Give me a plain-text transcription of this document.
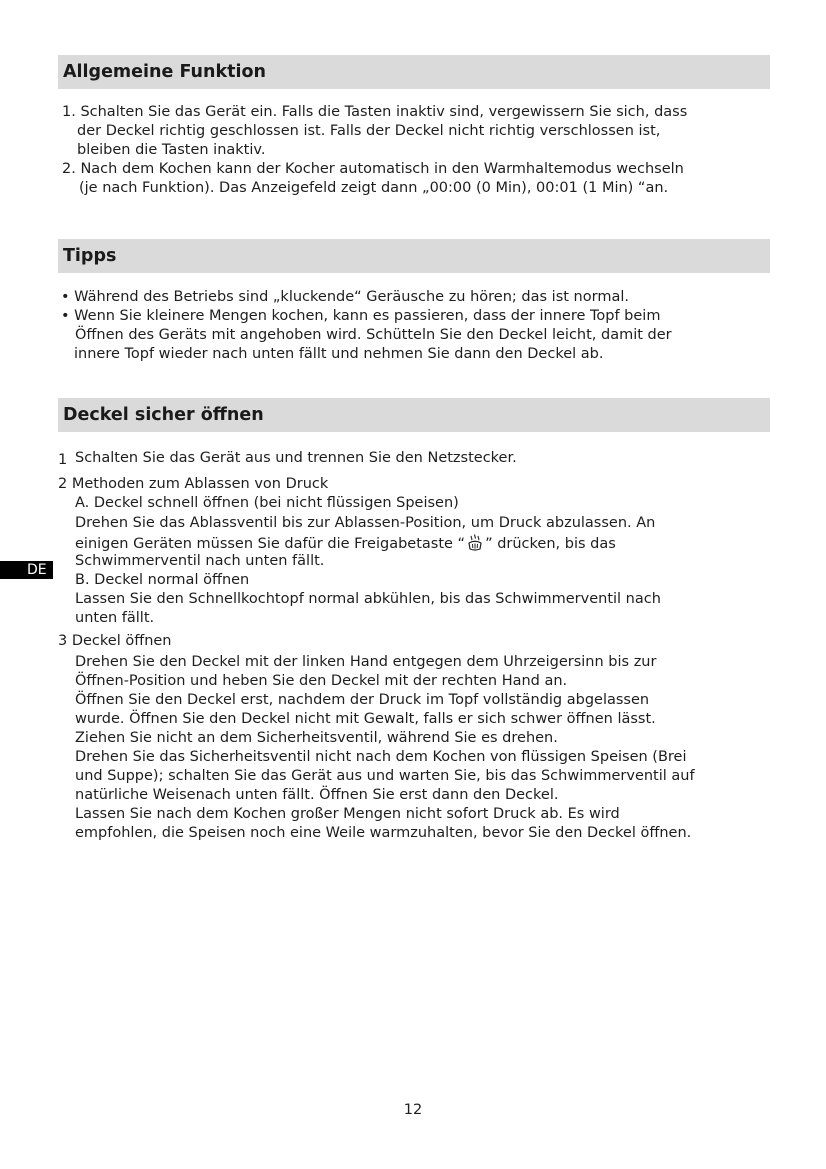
Allgemeine Funktion

1. Schalten Sie das Gerät ein. Falls die Tasten inaktiv sind, vergewissern Sie sich, dass

der Deckel richtig geschlossen ist. Falls der Deckel nicht richtig verschlossen ist,

bleiben die Tasten inaktiv.

2. Nach dem Kochen kann der Kocher automatisch in den Warmhaltemodus wechseln

(je nach Funktion). Das Anzeigefeld zeigt dann „00:00 (0 Min), 00:01 (1 Min) “an.

Tipps

• Während des Betriebs sind „kluckende“ Geräusche zu hören; das ist normal.

• Wenn Sie kleinere Mengen kochen, kann es passieren, dass der innere Topf beim

Öffnen des Geräts mit angehoben wird. Schütteln Sie den Deckel leicht, damit der

innere Topf wieder nach unten fällt und nehmen Sie dann den Deckel ab.

Deckel sicher öffnen
1 Schalten Sie das Gerät aus und trennen Sie den Netzstecker.

2 Methoden zum Ablassen von Druck

A. Deckel schnell öffnen (bei nicht flüssigen Speisen)

Drehen Sie das Ablassventil bis zur Ablassen-Position, um Druck abzulassen. An

einigen Geräten müssen Sie dafür die Freigabetaste “ ” drücken, bis das

Schwimmerventil nach unten fällt.

B. Deckel normal öffnen

Lassen Sie den Schnellkochtopf normal abkühlen, bis das Schwimmerventil nach

unten fällt.

3 Deckel öffnen

Drehen Sie den Deckel mit der linken Hand entgegen dem Uhrzeigersinn bis zur

Öffnen-Position und heben Sie den Deckel mit der rechten Hand an.

Öffnen Sie den Deckel erst, nachdem der Druck im Topf vollständig abgelassen

wurde. Öffnen Sie den Deckel nicht mit Gewalt, falls er sich schwer öffnen lässt.

Ziehen Sie nicht an dem Sicherheitsventil, während Sie es drehen.

Drehen Sie das Sicherheitsventil nicht nach dem Kochen von flüssigen Speisen (Brei

und Suppe); schalten Sie das Gerät aus und warten Sie, bis das Schwimmerventil auf

natürliche Weisenach unten fällt. Öffnen Sie erst dann den Deckel.

Lassen Sie nach dem Kochen großer Mengen nicht sofort Druck ab. Es wird

empfohlen, die Speisen noch eine Weile warmzuhalten, bevor Sie den Deckel öffnen.

DE
12
